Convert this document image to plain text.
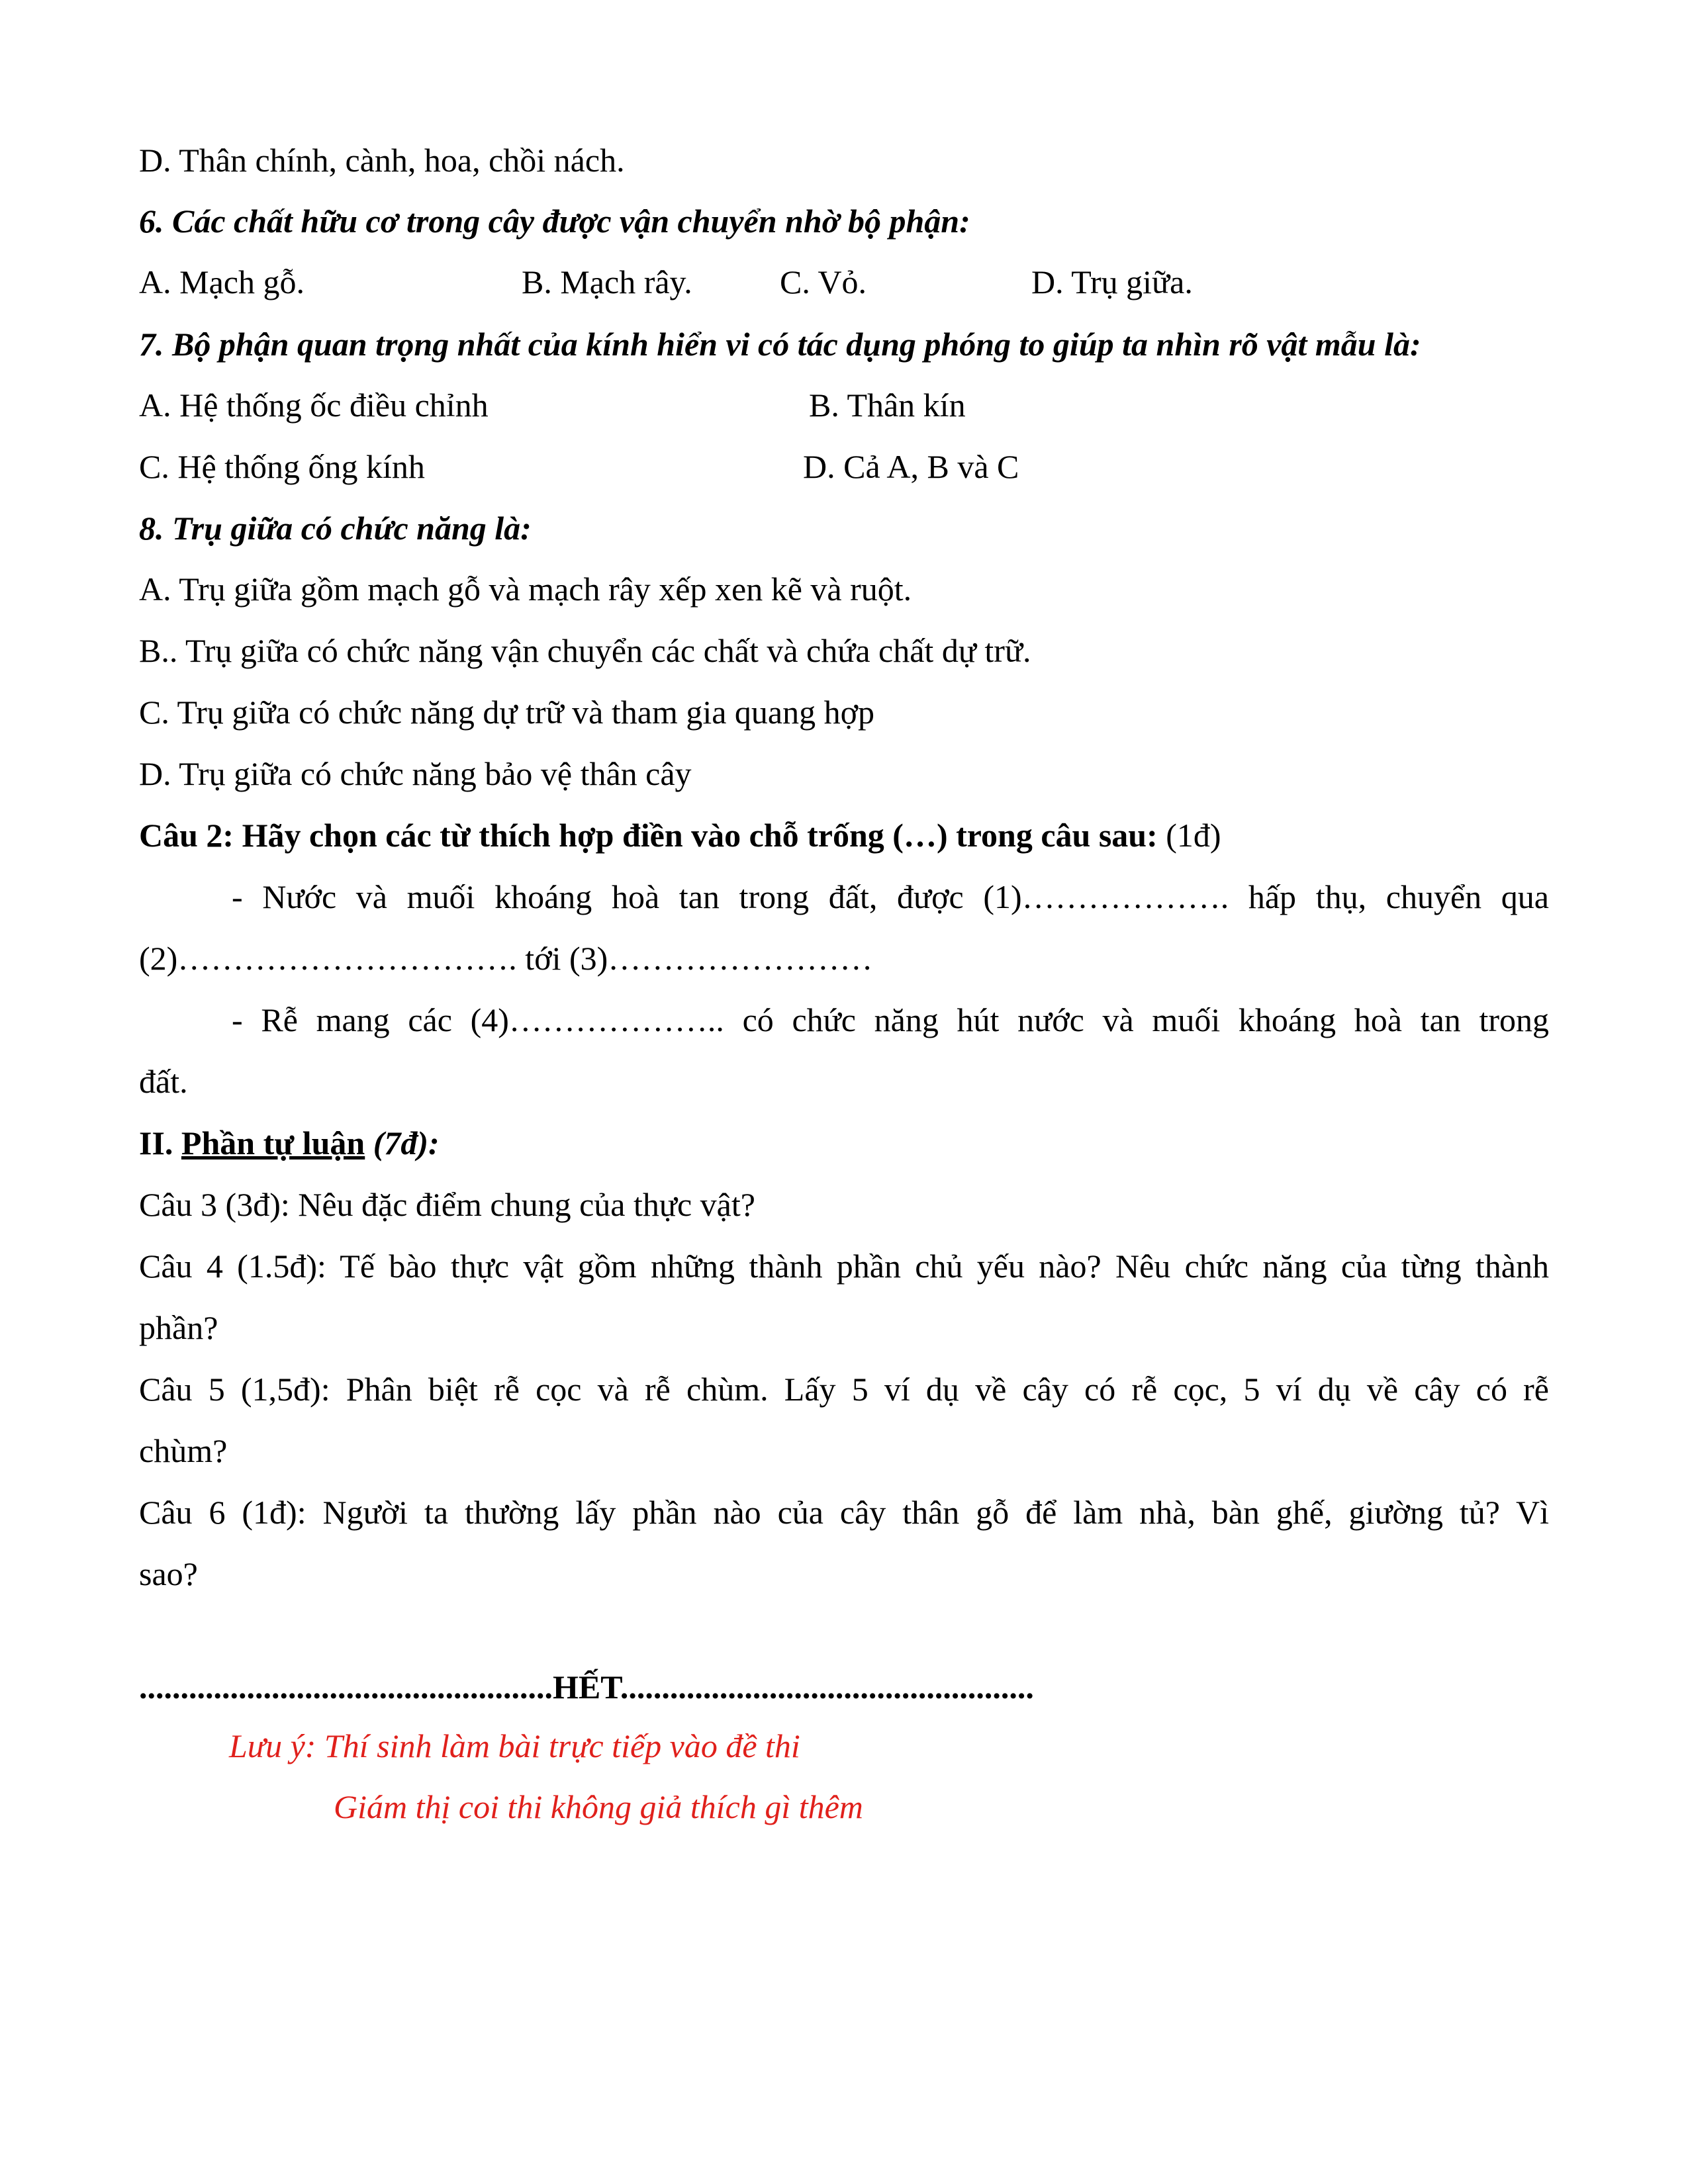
D. Thân chính, cành, hoa, chồi nách.
6. Các chất hữu cơ trong cây được vận chuyển nhờ bộ phận:
A. Mạch gỗ.	B. Mạch rây.	C. Vỏ.	D. Trụ giữa.
7. Bộ phận quan trọng nhất của kính hiển vi có tác dụng phóng to giúp ta nhìn rõ vật mẫu là:
A. Hệ thống ốc điều chỉnh	B. Thân kín
C. Hệ thống ống kính	D. Cả A, B và C
8. Trụ giữa có chức năng là:
A. Trụ giữa gồm mạch gỗ và mạch rây xếp xen kẽ và ruột.
B.. Trụ giữa có chức năng vận chuyển các chất và chứa chất dự trữ.
C. Trụ giữa có chức năng dự trữ và tham gia quang hợp
D. Trụ giữa có chức năng bảo vệ thân cây
Câu 2: Hãy chọn các từ thích hợp điền vào chỗ trống (…) trong câu sau: (1đ)
- Nước và muối khoáng hoà tan trong đất, được (1)………………. hấp thụ, chuyển qua
(2)…………………………. tới (3)……………………
- Rễ mang các (4)……………….. có chức năng hút nước và muối khoáng hoà tan trong
đất.
II. Phần tự luận (7đ):
Câu 3 (3đ): Nêu đặc điểm chung của thực vật?
Câu 4 (1.5đ): Tế bào thực vật gồm những thành phần chủ yếu nào? Nêu chức năng của từng thành
phần?
Câu 5 (1,5đ): Phân biệt rễ cọc và rễ chùm. Lấy 5 ví dụ về cây có rễ cọc, 5 ví dụ về cây có rễ
chùm?
Câu 6 (1đ): Người ta thường lấy phần nào của cây thân gỗ để làm nhà, bàn ghế, giường tủ? Vì
sao?
..................................................HẾT..................................................
Lưu ý: Thí sinh làm bài trực tiếp vào đề thi
Giám thị coi thi không giả thích gì thêm
